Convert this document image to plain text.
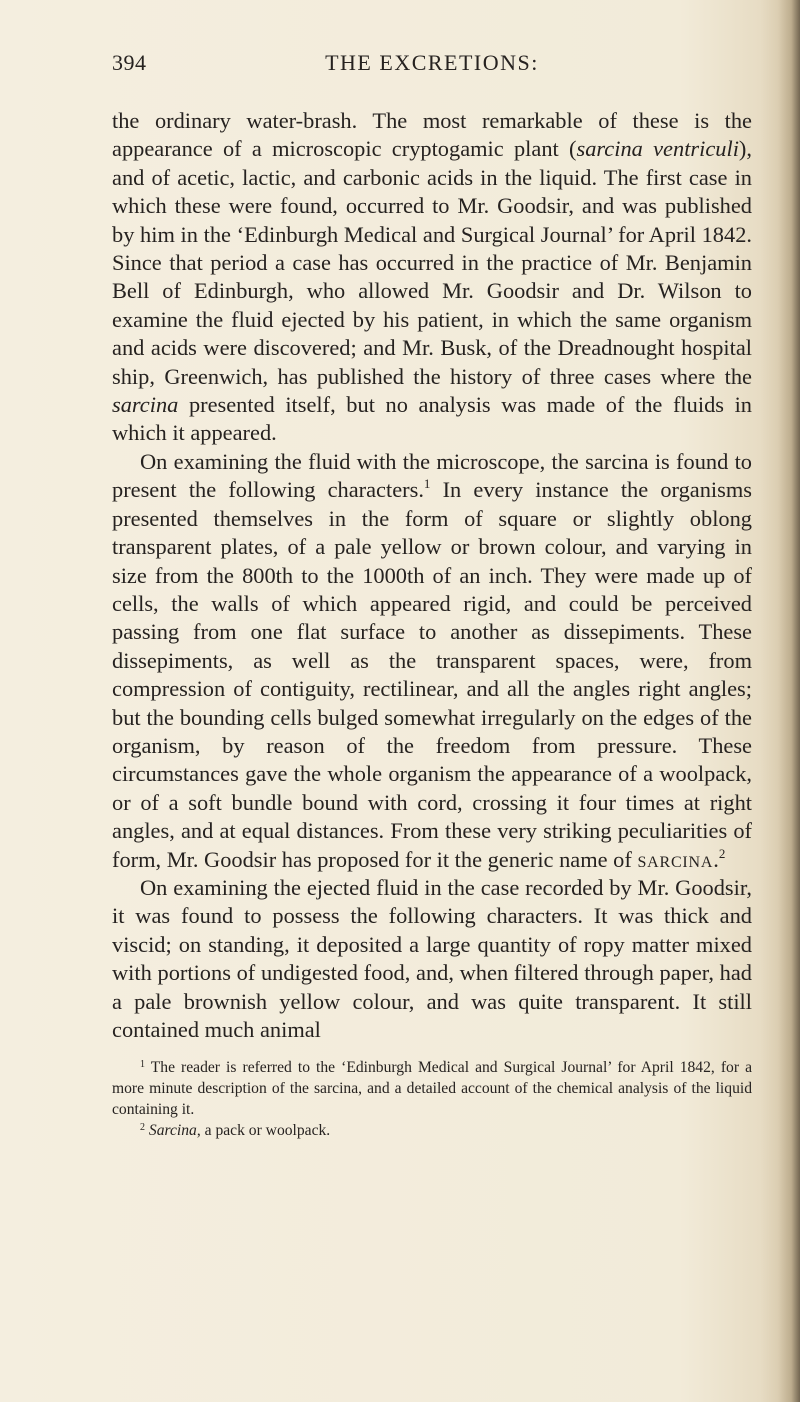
394	THE EXCRETIONS:

the ordinary water-brash. The most remarkable of these is the appearance of a microscopic cryptogamic plant (sarcina ventriculi), and of acetic, lactic, and carbonic acids in the liquid. The first case in which these were found, occurred to Mr. Goodsir, and was published by him in the ‘Edinburgh Medical and Surgical Journal’ for April 1842. Since that period a case has occurred in the practice of Mr. Benjamin Bell of Edinburgh, who allowed Mr. Goodsir and Dr. Wilson to examine the fluid ejected by his patient, in which the same organism and acids were discovered; and Mr. Busk, of the Dreadnought hospital ship, Greenwich, has published the history of three cases where the sarcina presented itself, but no analysis was made of the fluids in which it appeared.

On examining the fluid with the microscope, the sarcina is found to present the following characters.$^1$ In every instance the organisms presented themselves in the form of square or slightly oblong transparent plates, of a pale yellow or brown colour, and varying in size from the 800th to the 1000th of an inch. They were made up of cells, the walls of which appeared rigid, and could be perceived passing from one flat surface to another as dissepiments. These dissepiments, as well as the transparent spaces, were, from compression of contiguity, rectilinear, and all the angles right angles; but the bounding cells bulged somewhat irregularly on the edges of the organism, by reason of the freedom from pressure. These circumstances gave the whole organism the appearance of a woolpack, or of a soft bundle bound with cord, crossing it four times at right angles, and at equal distances. From these very striking peculiarities of form, Mr. Goodsir has proposed for it the generic name of sarcina.$^2$

On examining the ejected fluid in the case recorded by Mr. Goodsir, it was found to possess the following characters. It was thick and viscid; on standing, it deposited a large quantity of ropy matter mixed with portions of undigested food, and, when filtered through paper, had a pale brownish yellow colour, and was quite transparent. It still contained much animal

$^1$ The reader is referred to the ‘Edinburgh Medical and Surgical Journal’ for April 1842, for a more minute description of the sarcina, and a detailed account of the chemical analysis of the liquid containing it.

$^2$ Sarcina, a pack or woolpack.
